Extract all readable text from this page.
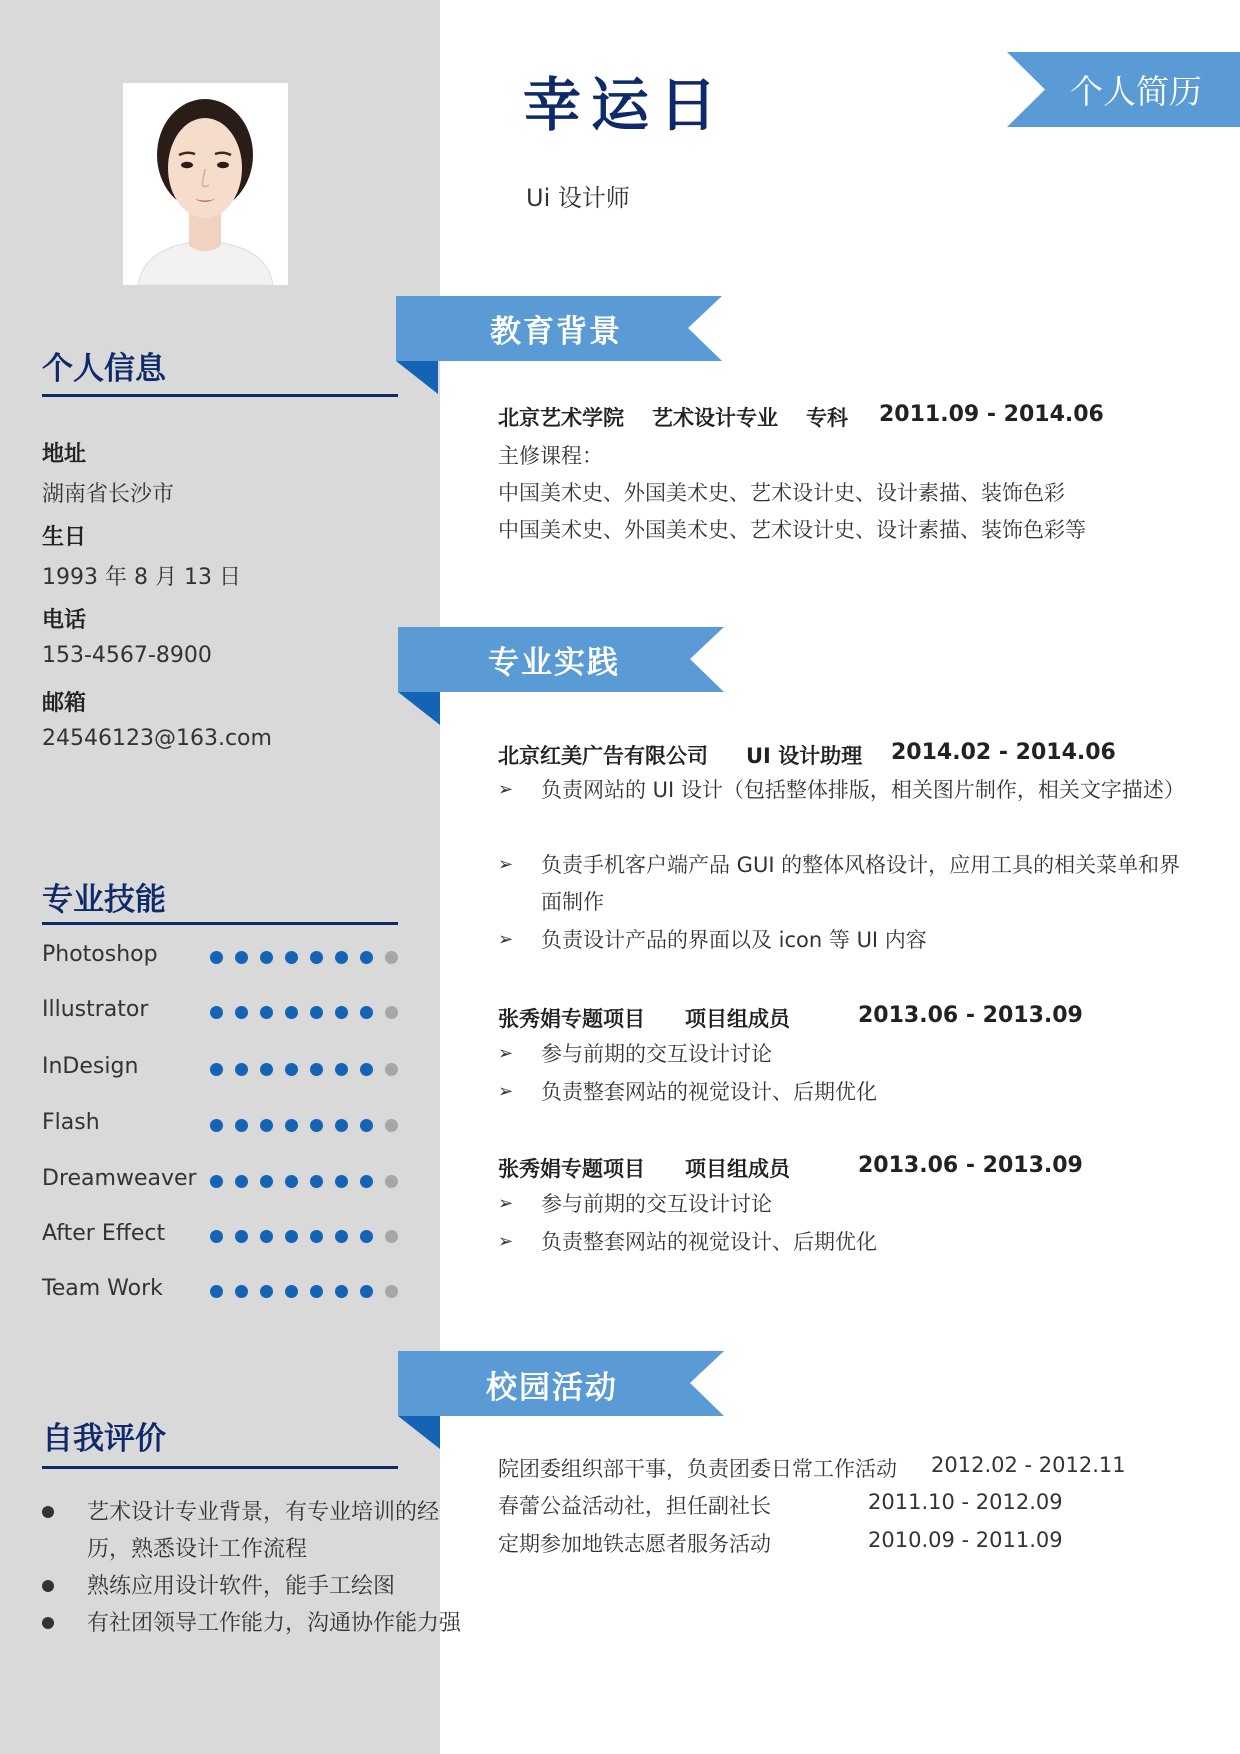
个人信息
地址
湖南省长沙市
生日
1993 年 8 月 13 日
电话
153-4567-8900
邮箱
24546123@163.com
专业技能
Photoshop
Illustrator
InDesign
Flash
Dreamweaver
After Effect
Team Work
自我评价
艺术设计专业背景，有专业培训的经历，熟悉设计工作流程
熟练应用设计软件，能手工绘图
有社团领导工作能力，沟通协作能力强
幸运日
Ui 设计师
个人简历
教育背景
北京艺术学院 艺术设计专业 专科 2011.09 - 2014.06
主修课程：
中国美术史、外国美术史、艺术设计史、设计素描、装饰色彩
中国美术史、外国美术史、艺术设计史、设计素描、装饰色彩等
专业实践
北京红美广告有限公司 UI 设计助理 2014.02 - 2014.06
➢ 负责网站的 UI 设计（包括整体排版，相关图片制作，相关文字描述）
➢ 负责手机客户端产品 GUI 的整体风格设计，应用工具的相关菜单和界面制作
➢ 负责设计产品的界面以及 icon 等 UI 内容
张秀娟专题项目 项目组成员	2013.06 - 2013.09
➢ 参与前期的交互设计讨论
➢ 负责整套网站的视觉设计、后期优化
张秀娟专题项目 项目组成员	2013.06 - 2013.09
➢ 参与前期的交互设计讨论
➢ 负责整套网站的视觉设计、后期优化
校园活动
院团委组织部干事，负责团委日常工作活动 2012.02 - 2012.11
春蕾公益活动社，担任副社长	2011.10 - 2012.09
定期参加地铁志愿者服务活动	2010.09 - 2011.09
